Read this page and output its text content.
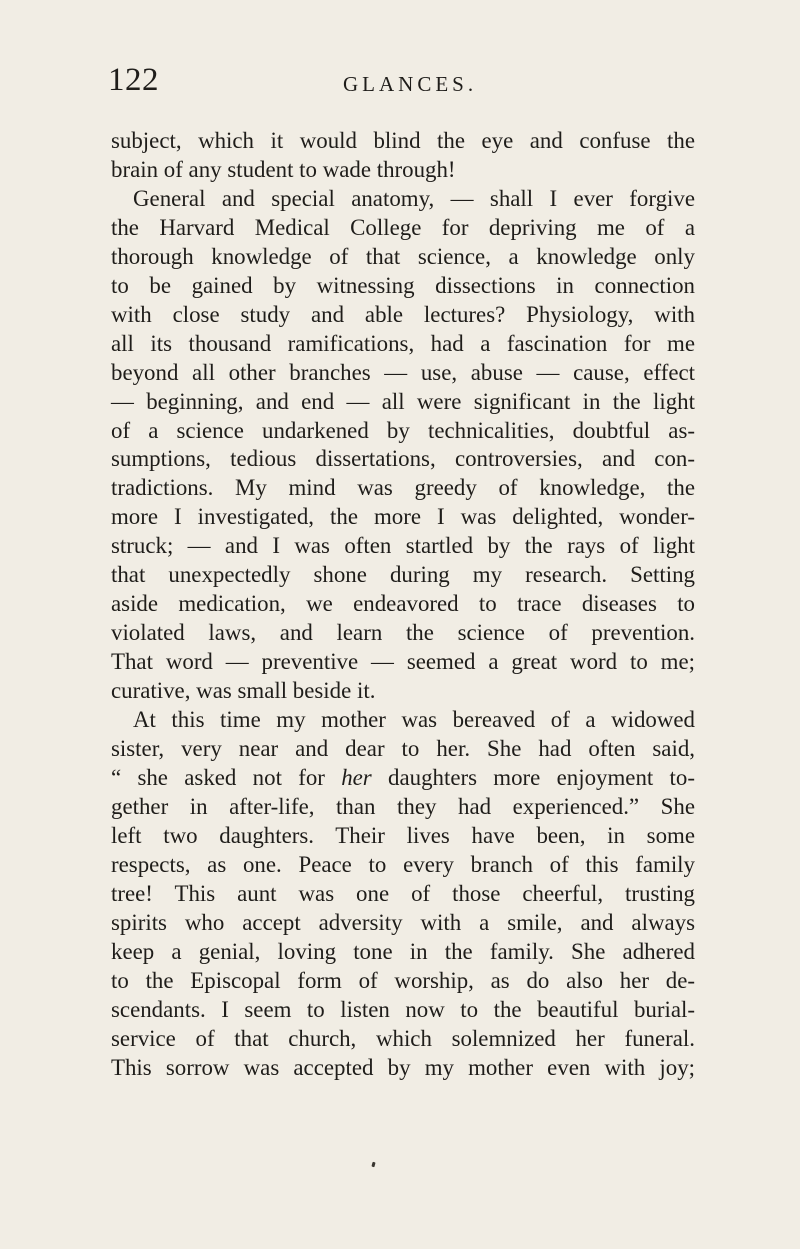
122	GLANCES.
subject, which it would blind the eye and confuse the
brain of any student to wade through!
General and special anatomy, — shall I ever forgive
the Harvard Medical College for depriving me of a
thorough knowledge of that science, a knowledge only
to be gained by witnessing dissections in connection
with close study and able lectures? Physiology, with
all its thousand ramifications, had a fascination for me
beyond all other branches — use, abuse — cause, effect
— beginning, and end — all were significant in the light
of a science undarkened by technicalities, doubtful as-
sumptions, tedious dissertations, controversies, and con-
tradictions. My mind was greedy of knowledge, the
more I investigated, the more I was delighted, wonder-
struck; — and I was often startled by the rays of light
that unexpectedly shone during my research. Setting
aside medication, we endeavored to trace diseases to
violated laws, and learn the science of prevention.
That word — preventive — seemed a great word to me;
curative, was small beside it.
At this time my mother was bereaved of a widowed
sister, very near and dear to her. She had often said,
“ she asked not for her daughters more enjoyment to-
gether in after-life, than they had experienced.” She
left two daughters. Their lives have been, in some
respects, as one. Peace to every branch of this family
tree! This aunt was one of those cheerful, trusting
spirits who accept adversity with a smile, and always
keep a genial, loving tone in the family. She adhered
to the Episcopal form of worship, as do also her de-
scendants. I seem to listen now to the beautiful burial-
service of that church, which solemnized her funeral.
This sorrow was accepted by my mother even with joy;
